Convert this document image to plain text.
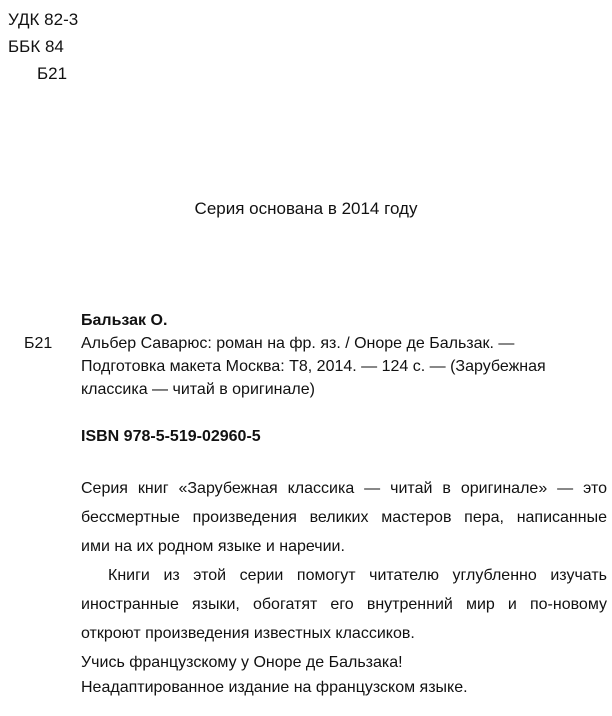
УДК 82-3
ББК 84
Б21
Серия основана в 2014 году
Б21
Бальзак О.
Альбер Саварюс: роман на фр. яз. / Оноре де Бальзак. —
Подготовка макета Москва: Т8, 2014. — 124 с. — (Зарубежная
классика — читай в оригинале)
ISBN 978-5-519-02960-5

Серия книг «Зарубежная классика — читай в оригинале» — это

бессмертные произведения великих мастеров пера, написанные

ими на их родном языке и наречии.

Книги из этой серии помогут читателю углубленно изучать

иностранные языки, обогатят его внутренний мир и по-новому

откроют произведения известных классиков.

Учись французскому у Оноре де Бальзака!

Неадаптированное издание на французском языке.
